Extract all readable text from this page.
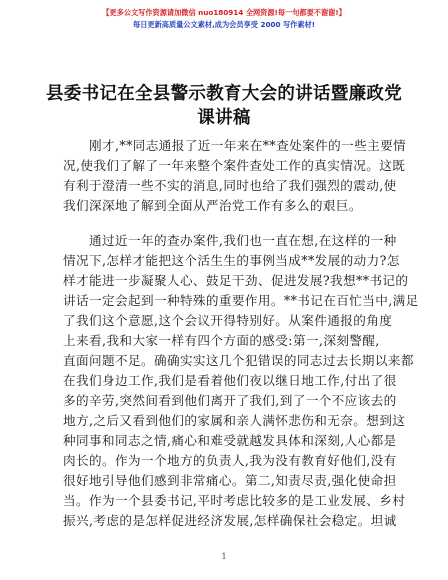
【更多公文写作资源请加微信 nuo180914 全网资源!每一句都要不谢谢!】
每日更新高质量公文素材,成为会员享受 2000 写作素材!
县委书记在全县警示教育大会的讲话暨廉政党
课讲稿
刚才,**同志通报了近一年来在**查处案件的一些主要情
况,使我们了解了一年来整个案件查处工作的真实情况。这既
有利于澄清一些不实的消息,同时也给了我们强烈的震动,使
我们深深地了解到全面从严治党工作有多么的艰巨。
通过近一年的查办案件,我们也一直在想,在这样的一种
情况下,怎样才能把这个活生生的事例当成**发展的动力?怎
样才能进一步凝聚人心、鼓足干劲、促进发展?我想**书记的
讲话一定会起到一种特殊的重要作用。**书记在百忙当中,满足
了我们这个意愿,这个会议开得特别好。从案件通报的角度
上来看,我和大家一样有四个方面的感受:第一,深刻警醒,
直面问题不足。确确实实这几个犯错误的同志过去长期以来都
在我们身边工作,我们是看着他们夜以继日地工作,付出了很
多的辛劳,突然间看到他们离开了我们,到了一个不应该去的
地方,之后又看到他们的家属和亲人满怀悲伤和无奈。想到这
种同事和同志之情,痛心和难受就越发具体和深刻,人心都是
肉长的。作为一个地方的负责人,我为没有教育好他们,没有
很好地引导他们感到非常痛心。第二,知责尽责,强化使命担
当。作为一个县委书记,平时考虑比较多的是工业发展、乡村
振兴,考虑的是怎样促进经济发展,怎样确保社会稳定。坦诚
1
